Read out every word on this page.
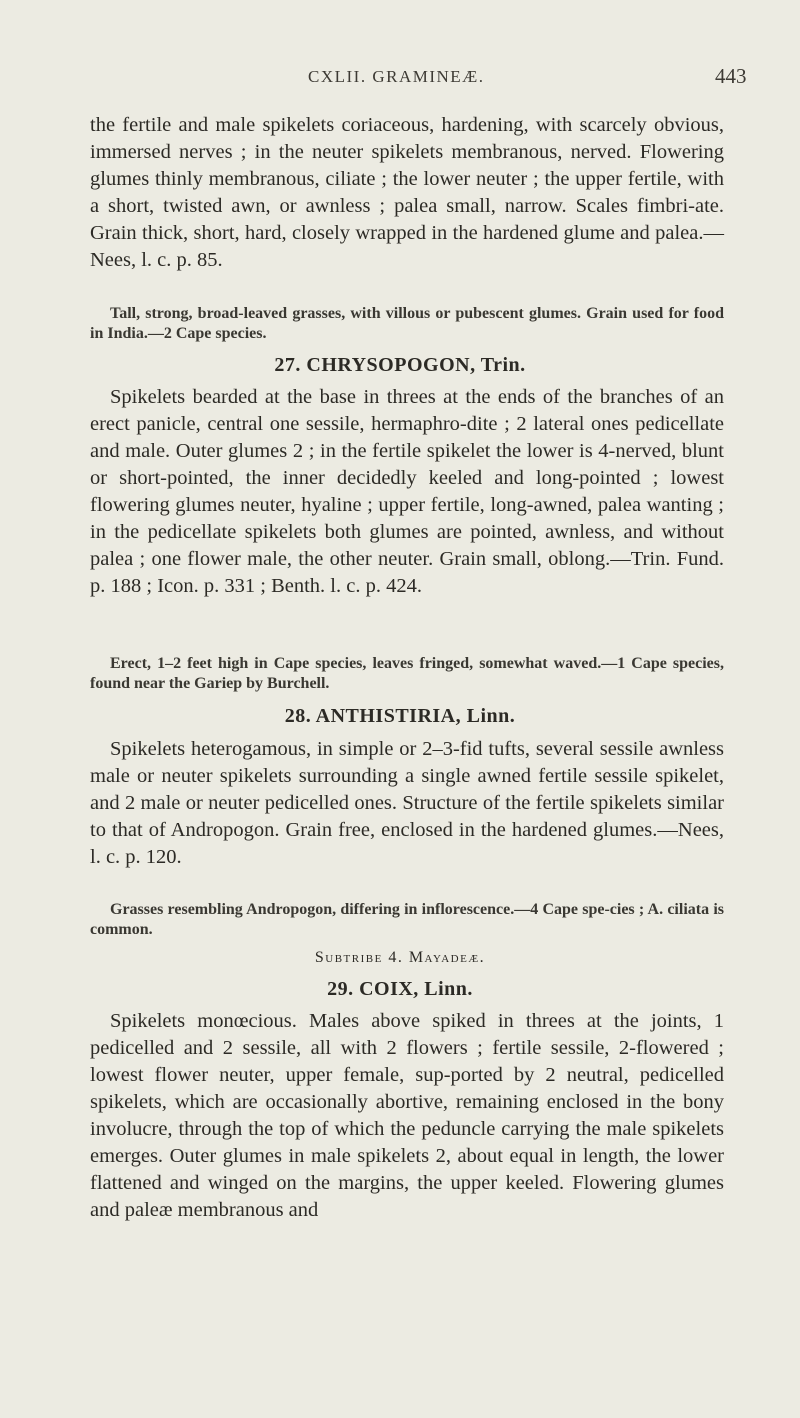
CXLII. GRAMINEÆ.	443
the fertile and male spikelets coriaceous, hardening, with scarcely obvious, immersed nerves ; in the neuter spikelets membranous, nerved. Flowering glumes thinly membranous, ciliate ; the lower neuter ; the upper fertile, with a short, twisted awn, or awnless ; palea small, narrow. Scales fimbri-ate. Grain thick, short, hard, closely wrapped in the hardened glume and palea.—Nees, l. c. p. 85.
Tall, strong, broad-leaved grasses, with villous or pubescent glumes. Grain used for food in India.—2 Cape species.
27. CHRYSOPOGON, Trin.
Spikelets bearded at the base in threes at the ends of the branches of an erect panicle, central one sessile, hermaphro-dite ; 2 lateral ones pedicellate and male. Outer glumes 2 ; in the fertile spikelet the lower is 4-nerved, blunt or short-pointed, the inner decidedly keeled and long-pointed ; lowest flowering glumes neuter, hyaline ; upper fertile, long-awned, palea wanting ; in the pedicellate spikelets both glumes are pointed, awnless, and without palea ; one flower male, the other neuter. Grain small, oblong.—Trin. Fund. p. 188 ; Icon. p. 331 ; Benth. l. c. p. 424.
Erect, 1–2 feet high in Cape species, leaves fringed, somewhat waved.—1 Cape species, found near the Gariep by Burchell.
28. ANTHISTIRIA, Linn.
Spikelets heterogamous, in simple or 2–3-fid tufts, several sessile awnless male or neuter spikelets surrounding a single awned fertile sessile spikelet, and 2 male or neuter pedicelled ones. Structure of the fertile spikelets similar to that of Andropogon. Grain free, enclosed in the hardened glumes.—Nees, l. c. p. 120.
Grasses resembling Andropogon, differing in inflorescence.—4 Cape spe-cies ; A. ciliata is common.
Subtribe 4. Mayadeæ.
29. COIX, Linn.
Spikelets monœcious. Males above spiked in threes at the joints, 1 pedicelled and 2 sessile, all with 2 flowers ; fertile sessile, 2-flowered ; lowest flower neuter, upper female, sup-ported by 2 neutral, pedicelled spikelets, which are occasionally abortive, remaining enclosed in the bony involucre, through the top of which the peduncle carrying the male spikelets emerges. Outer glumes in male spikelets 2, about equal in length, the lower flattened and winged on the margins, the upper keeled. Flowering glumes and paleæ membranous and
